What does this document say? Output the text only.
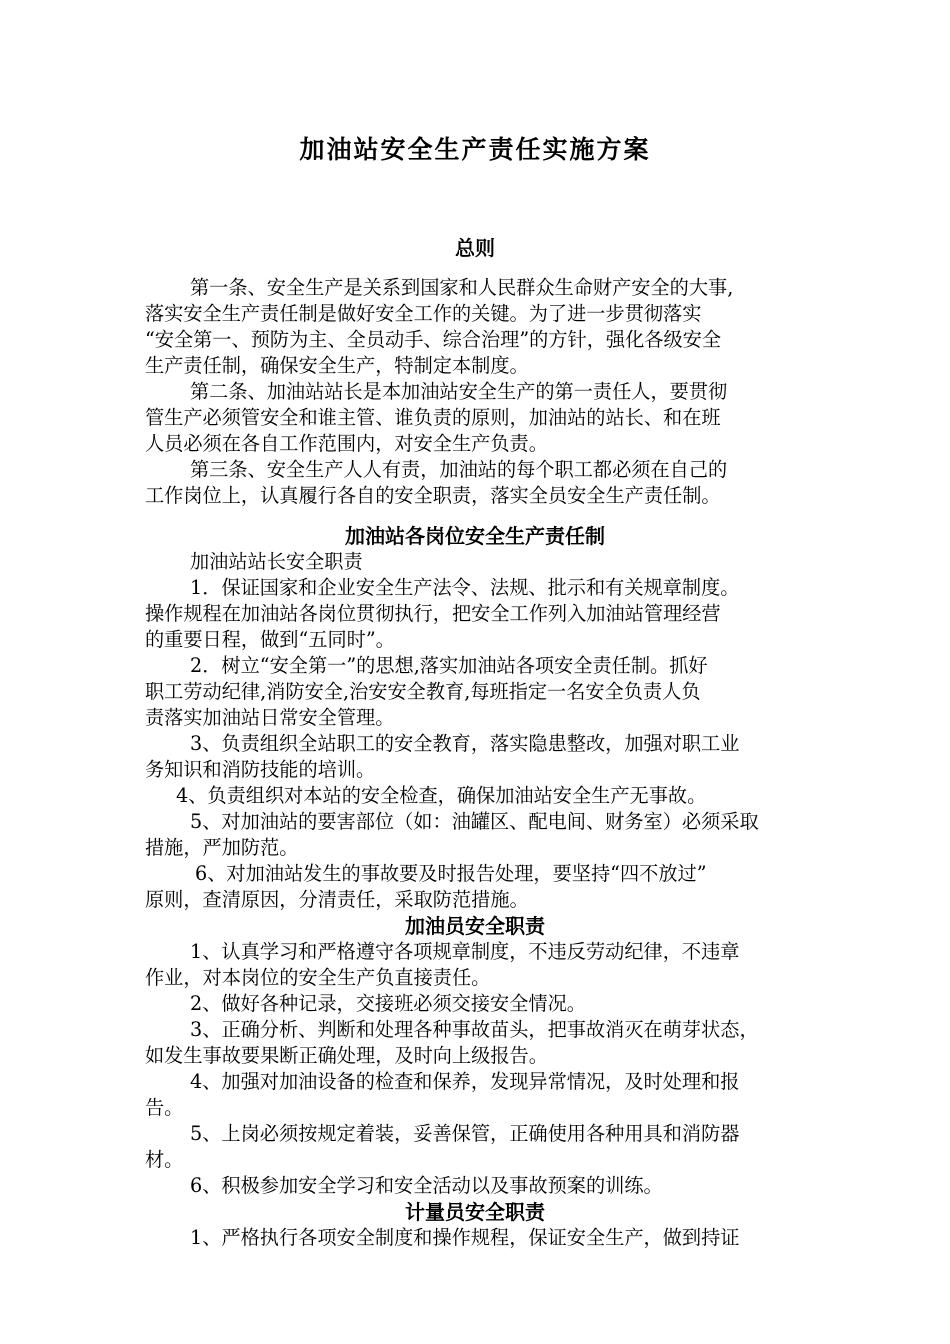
加油站安全生产责任实施方案
总则
第一条、安全生产是关系到国家和人民群众生命财产安全的大事,
落实安全生产责任制是做好安全工作的关键。为了进一步贯彻落实
“安全第一、预防为主、全员动手、综合治理”的方针，强化各级安全
生产责任制，确保安全生产，特制定本制度。
第二条、加油站站长是本加油站安全生产的第一责任人，要贯彻
管生产必须管安全和谁主管、谁负责的原则，加油站的站长、和在班
人员必须在各自工作范围内，对安全生产负责。
第三条、安全生产人人有责，加油站的每个职工都必须在自己的
工作岗位上，认真履行各自的安全职责，落实全员安全生产责任制。
加油站各岗位安全生产责任制
加油站站长安全职责
1．保证国家和企业安全生产法令、法规、批示和有关规章制度。
操作规程在加油站各岗位贯彻执行，把安全工作列入加油站管理经营
的重要日程，做到“五同时”。
2．树立“安全第一”的思想,落实加油站各项安全责任制。抓好
职工劳动纪律,消防安全,治安安全教育,每班指定一名安全负责人负
责落实加油站日常安全管理。
3、负责组织全站职工的安全教育，落实隐患整改，加强对职工业
务知识和消防技能的培训。
4、负责组织对本站的安全检查，确保加油站安全生产无事故。
5、对加油站的要害部位（如：油罐区、配电间、财务室）必须采取
措施，严加防范。
6、对加油站发生的事故要及时报告处理，要坚持“四不放过”
原则，查清原因，分清责任，采取防范措施。
加油员安全职责
1、认真学习和严格遵守各项规章制度，不违反劳动纪律，不违章
作业，对本岗位的安全生产负直接责任。
2、做好各种记录，交接班必须交接安全情况。
3、正确分析、判断和处理各种事故苗头，把事故消灭在萌芽状态，
如发生事故要果断正确处理，及时向上级报告。
4、加强对加油设备的检查和保养，发现异常情况，及时处理和报
告。
5、上岗必须按规定着装，妥善保管，正确使用各种用具和消防器
材。
6、积极参加安全学习和安全活动以及事故预案的训练。
计量员安全职责
1、严格执行各项安全制度和操作规程，保证安全生产，做到持证
